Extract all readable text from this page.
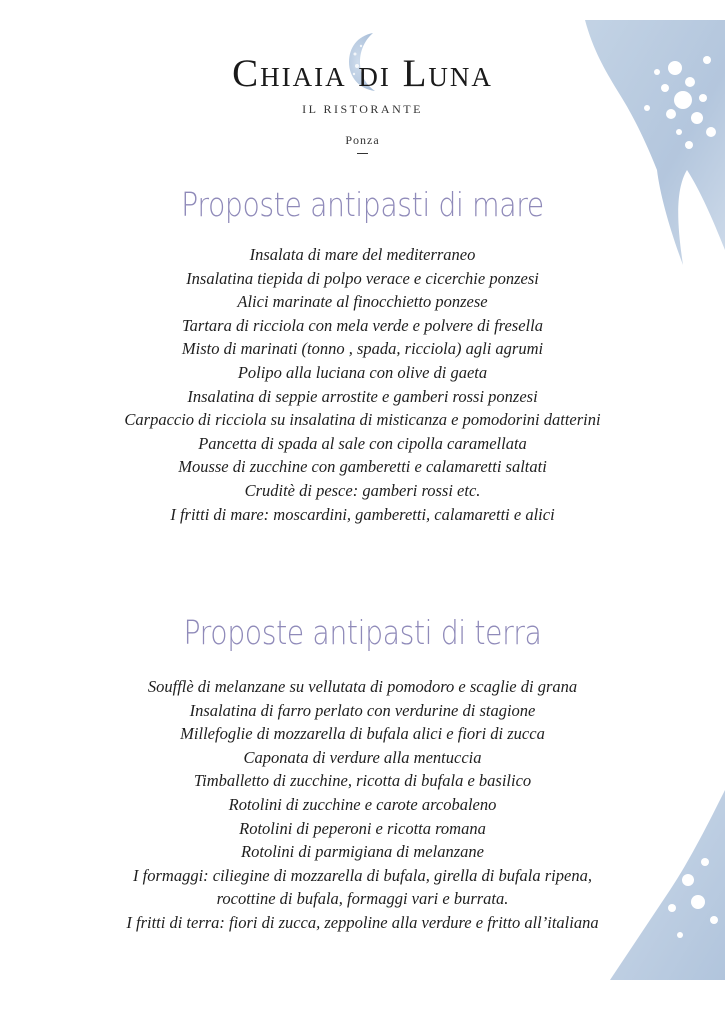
Chiaia di Luna
IL RISTORANTE
Ponza
Proposte antipasti di mare
Insalata di mare del mediterraneo
Insalatina tiepida di polpo verace e cicerchie ponzesi
Alici marinate al finocchietto ponzese
Tartara di ricciola con mela verde e polvere di fresella
Misto di marinati (tonno , spada, ricciola) agli agrumi
Polipo alla luciana con olive di gaeta
Insalatina di seppie arrostite e gamberi rossi ponzesi
Carpaccio di ricciola su insalatina di misticanza e pomodorini datterini
Pancetta di spada al sale con cipolla caramellata
Mousse di zucchine con gamberetti e calamaretti saltati
Cruditè di pesce: gamberi rossi etc.
I fritti di mare: moscardini, gamberetti, calamaretti e alici
Proposte antipasti di terra
Soufflè di melanzane su vellutata di pomodoro e scaglie di grana
Insalatina di farro perlato con verdurine di stagione
Millefoglie di mozzarella di bufala alici e fiori di zucca
Caponata di verdure alla mentuccia
Timballetto di zucchine, ricotta di bufala e basilico
Rotolini di zucchine e carote arcobaleno
Rotolini di peperoni e ricotta romana
Rotolini di parmigiana di melanzane
I formaggi: ciliegine di mozzarella di bufala, girella di bufala ripena,
rocottine di bufala, formaggi vari e burrata.
I fritti di terra: fiori di zucca, zeppoline alla verdure e fritto all’italiana
